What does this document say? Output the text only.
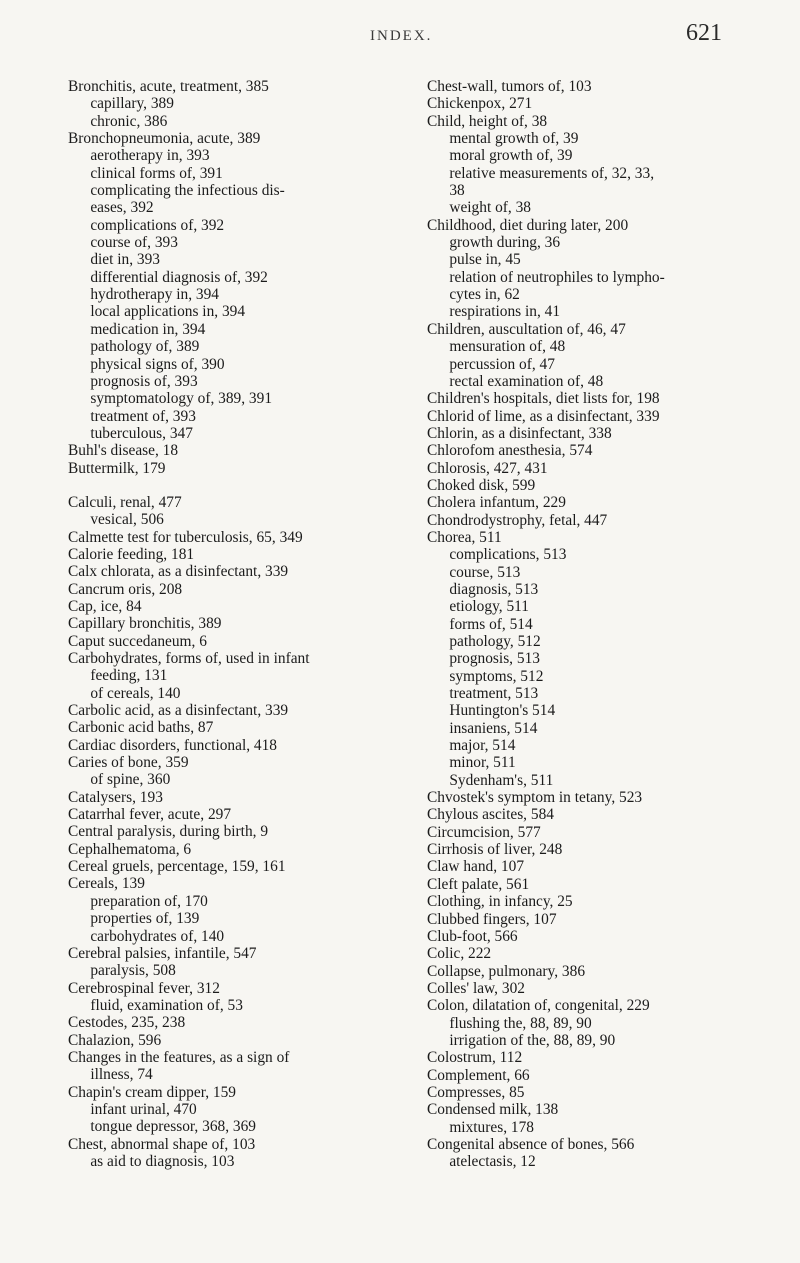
INDEX.	621
Bronchitis, acute, treatment, 385
capillary, 389
chronic, 386
Bronchopneumonia, acute, 389
aerotherapy in, 393
clinical forms of, 391
complicating the infectious dis-
eases, 392
complications of, 392
course of, 393
diet in, 393
differential diagnosis of, 392
hydrotherapy in, 394
local applications in, 394
medication in, 394
pathology of, 389
physical signs of, 390
prognosis of, 393
symptomatology of, 389, 391
treatment of, 393
tuberculous, 347
Buhl's disease, 18
Buttermilk, 179
Calculi, renal, 477
vesical, 506
Calmette test for tuberculosis, 65, 349
Calorie feeding, 181
Calx chlorata, as a disinfectant, 339
Cancrum oris, 208
Cap, ice, 84
Capillary bronchitis, 389
Caput succedaneum, 6
Carbohydrates, forms of, used in infant
feeding, 131
of cereals, 140
Carbolic acid, as a disinfectant, 339
Carbonic acid baths, 87
Cardiac disorders, functional, 418
Caries of bone, 359
of spine, 360
Catalysers, 193
Catarrhal fever, acute, 297
Central paralysis, during birth, 9
Cephalhematoma, 6
Cereal gruels, percentage, 159, 161
Cereals, 139
preparation of, 170
properties of, 139
carbohydrates of, 140
Cerebral palsies, infantile, 547
paralysis, 508
Cerebrospinal fever, 312
fluid, examination of, 53
Cestodes, 235, 238
Chalazion, 596
Changes in the features, as a sign of
illness, 74
Chapin's cream dipper, 159
infant urinal, 470
tongue depressor, 368, 369
Chest, abnormal shape of, 103
as aid to diagnosis, 103
Chest-wall, tumors of, 103
Chickenpox, 271
Child, height of, 38
mental growth of, 39
moral growth of, 39
relative measurements of, 32, 33,
38
weight of, 38
Childhood, diet during later, 200
growth during, 36
pulse in, 45
relation of neutrophiles to lympho-
cytes in, 62
respirations in, 41
Children, auscultation of, 46, 47
mensuration of, 48
percussion of, 47
rectal examination of, 48
Children's hospitals, diet lists for, 198
Chlorid of lime, as a disinfectant, 339
Chlorin, as a disinfectant, 338
Chlorofom anesthesia, 574
Chlorosis, 427, 431
Choked disk, 599
Cholera infantum, 229
Chondrodystrophy, fetal, 447
Chorea, 511
complications, 513
course, 513
diagnosis, 513
etiology, 511
forms of, 514
pathology, 512
prognosis, 513
symptoms, 512
treatment, 513
Huntington's 514
insaniens, 514
major, 514
minor, 511
Sydenham's, 511
Chvostek's symptom in tetany, 523
Chylous ascites, 584
Circumcision, 577
Cirrhosis of liver, 248
Claw hand, 107
Cleft palate, 561
Clothing, in infancy, 25
Clubbed fingers, 107
Club-foot, 566
Colic, 222
Collapse, pulmonary, 386
Colles' law, 302
Colon, dilatation of, congenital, 229
flushing the, 88, 89, 90
irrigation of the, 88, 89, 90
Colostrum, 112
Complement, 66
Compresses, 85
Condensed milk, 138
mixtures, 178
Congenital absence of bones, 566
atelectasis, 12
